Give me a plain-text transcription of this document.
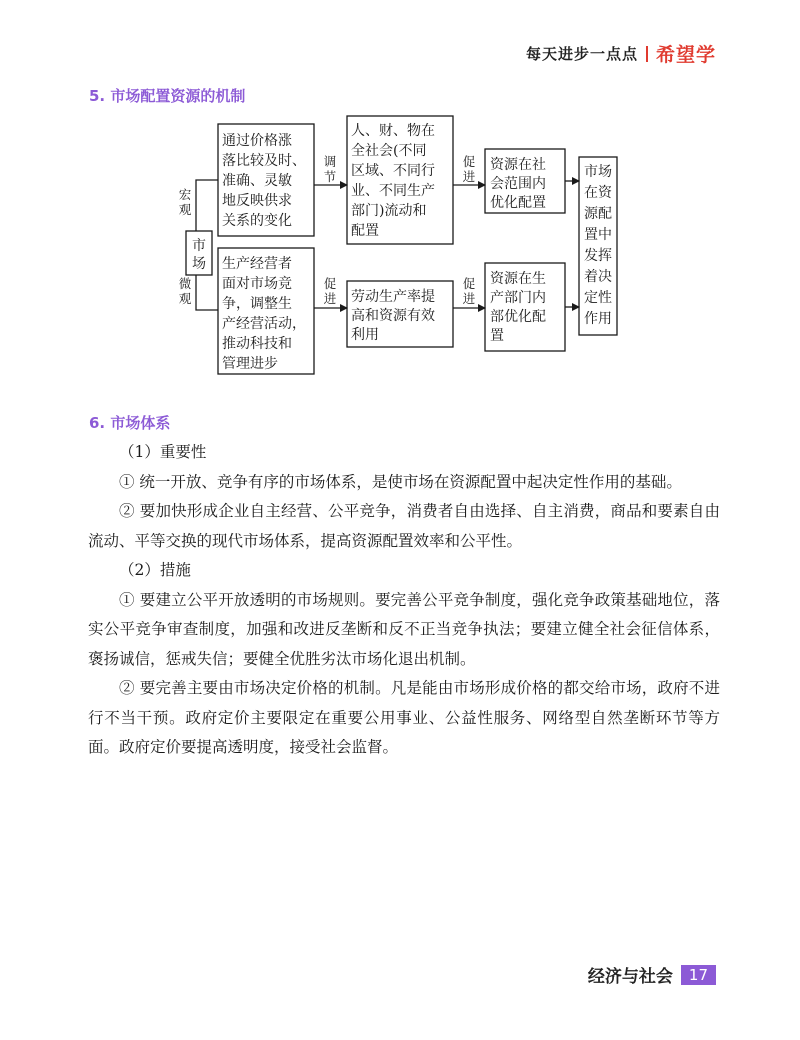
每天进步一点点 希望学
5. 市场配置资源的机制
市
场
宏
观
微
观
通过价格涨
落比较及时、
准确、灵敏
地反映供求
关系的变化
调
节
人、财、物在
全社会(不同
区域、不同行
业、不同生产
部门)流动和
配置
促
进
资源在社
会范围内
优化配置
生产经营者
面对市场竞
争，调整生
产经营活动，
推动科技和
管理进步
促
进 劳动生产率提
高和资源有效
利用
促
进
资源在生
产部门内
部优化配
置
市场
在资
源配
置中
发挥
着决
定性
作用
6. 市场体系

（1）重要性

① 统一开放、竞争有序的市场体系，是使市场在资源配置中起决定性作用的基础。

② 要加快形成企业自主经营、公平竞争，消费者自由选择、自主消费，商品和要素自由流动、平等交换的现代市场体系，提高资源配置效率和公平性。

（2）措施

① 要建立公平开放透明的市场规则。要完善公平竞争制度，强化竞争政策基础地位，落实公平竞争审查制度，加强和改进反垄断和反不正当竞争执法；要建立健全社会征信体系，褒扬诚信，惩戒失信；要健全优胜劣汰市场化退出机制。

② 要完善主要由市场决定价格的机制。凡是能由市场形成价格的都交给市场，政府不进行不当干预。政府定价主要限定在重要公用事业、公益性服务、网络型自然垄断环节等方面。政府定价要提高透明度，接受社会监督。

经济与社会	17
